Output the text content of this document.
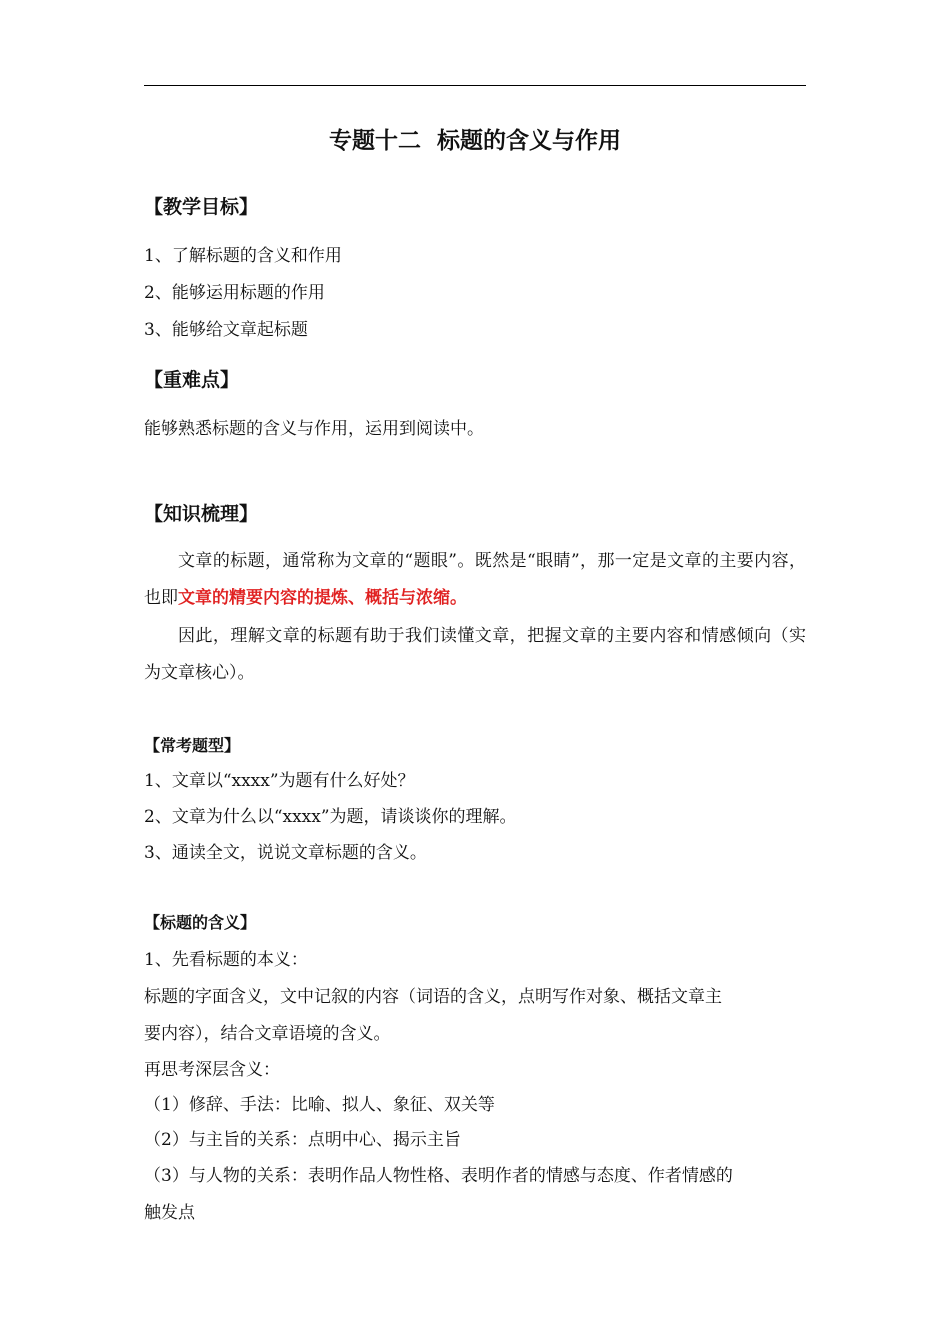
专题十二  标题的含义与作用
【教学目标】
1、了解标题的含义和作用
2、能够运用标题的作用
3、能够给文章起标题
【重难点】
能够熟悉标题的含义与作用，运用到阅读中。
【知识梳理】
文章的标题，通常称为文章的“题眼”。既然是“眼睛”，那一定是文章的主要内容，也即文章的精要内容的提炼、概括与浓缩。
因此，理解文章的标题有助于我们读懂文章，把握文章的主要内容和情感倾向（实为文章核心）。
【常考题型】
1、文章以“xxxx”为题有什么好处？
2、文章为什么以“xxxx”为题，请谈谈你的理解。
3、通读全文，说说文章标题的含义。
【标题的含义】
1、先看标题的本义：
标题的字面含义，文中记叙的内容（词语的含义，点明写作对象、概括文章主
要内容），结合文章语境的含义。
再思考深层含义：
（1）修辞、手法：比喻、拟人、象征、双关等
（2）与主旨的关系：点明中心、揭示主旨
（3）与人物的关系：表明作品人物性格、表明作者的情感与态度、作者情感的
触发点
